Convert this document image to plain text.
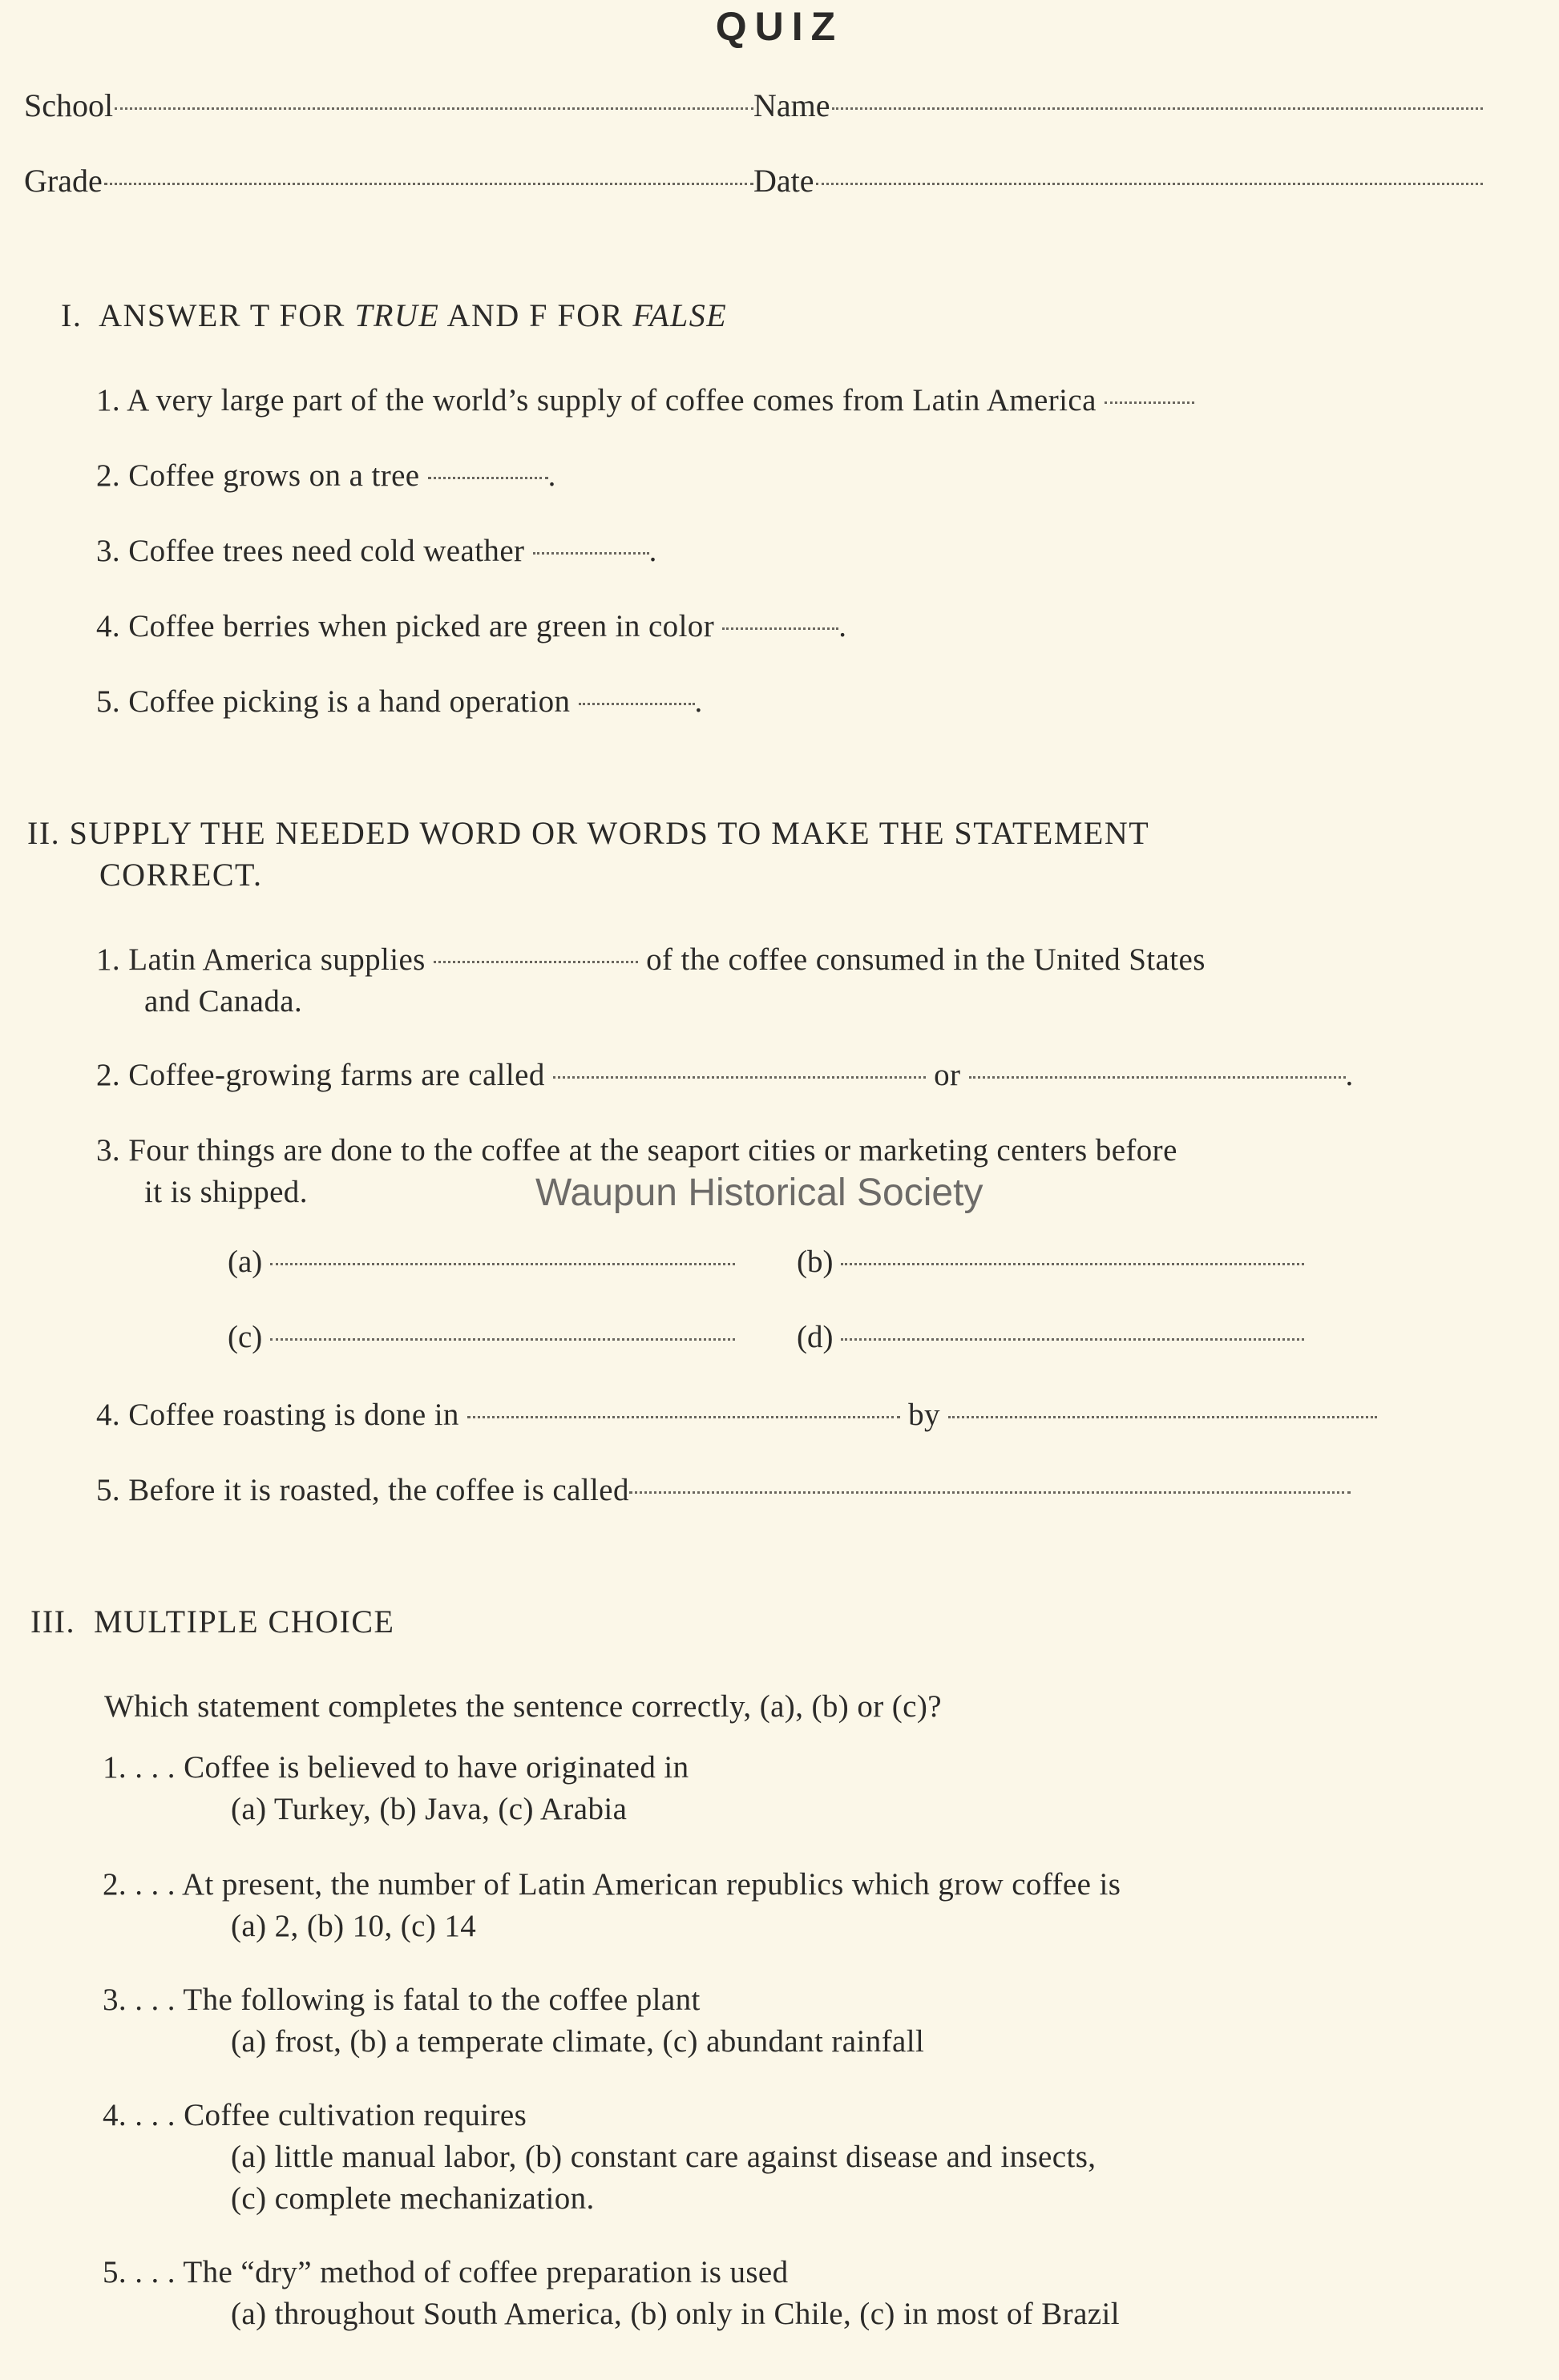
QUIZ
School	Name
Grade	Date
I. ANSWER T FOR TRUE AND F FOR FALSE
1. A very large part of the world’s supply of coffee comes from Latin America
2. Coffee grows on a tree	.
3. Coffee trees need cold weather	.
4. Coffee berries when picked are green in color	.
5. Coffee picking is a hand operation	.
II. SUPPLY THE NEEDED WORD OR WORDS TO MAKE THE STATEMENT
CORRECT.
1. Latin America supplies	of the coffee consumed in the United States
and Canada.
2. Coffee-growing farms are called	or	.
3. Four things are done to the coffee at the seaport cities or marketing centers before
it is shipped.	Waupun Historical Society
(a)	(b)
(c)	(d)
4. Coffee roasting is done in	by
5. Before it is roasted, the coffee is called
III. MULTIPLE CHOICE
Which statement completes the sentence correctly, (a), (b) or (c)?
1. . . . Coffee is believed to have originated in
(a) Turkey, (b) Java, (c) Arabia
2. . . . At present, the number of Latin American republics which grow coffee is
(a) 2, (b) 10, (c) 14
3. . . . The following is fatal to the coffee plant
(a) frost, (b) a temperate climate, (c) abundant rainfall
4. . . . Coffee cultivation requires
(a) little manual labor, (b) constant care against disease and insects,
(c) complete mechanization.
5. . . . The “dry” method of coffee preparation is used
(a) throughout South America, (b) only in Chile, (c) in most of Brazil
